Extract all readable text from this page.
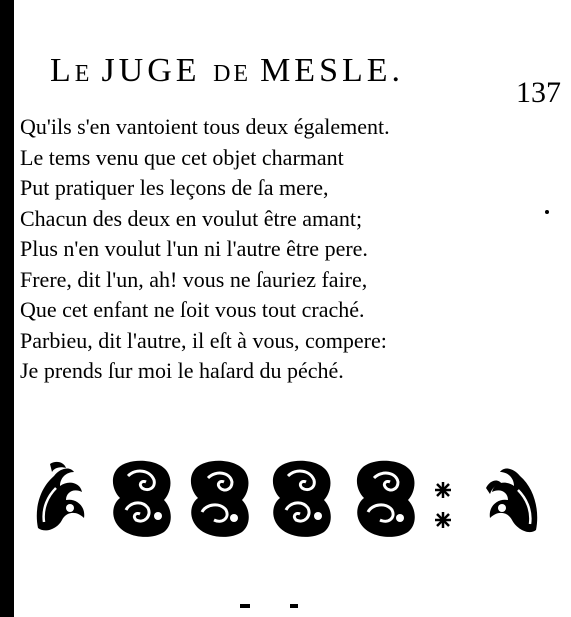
LE JUGE DE MESLE.
137
Qu'ils s'en vantoient tous deux également.
Le tems venu que cet objet charmant
Put pratiquer les leçons de ſa mere,
Chacun des deux en voulut être amant;
Plus n'en voulut l'un ni l'autre être pere.
Frere, dit l'un, ah! vous ne ſauriez faire,
Que cet enfant ne ſoit vous tout craché.
Parbieu, dit l'autre, il eſt à vous, compere:
Je prends ſur moi le haſard du péché.
